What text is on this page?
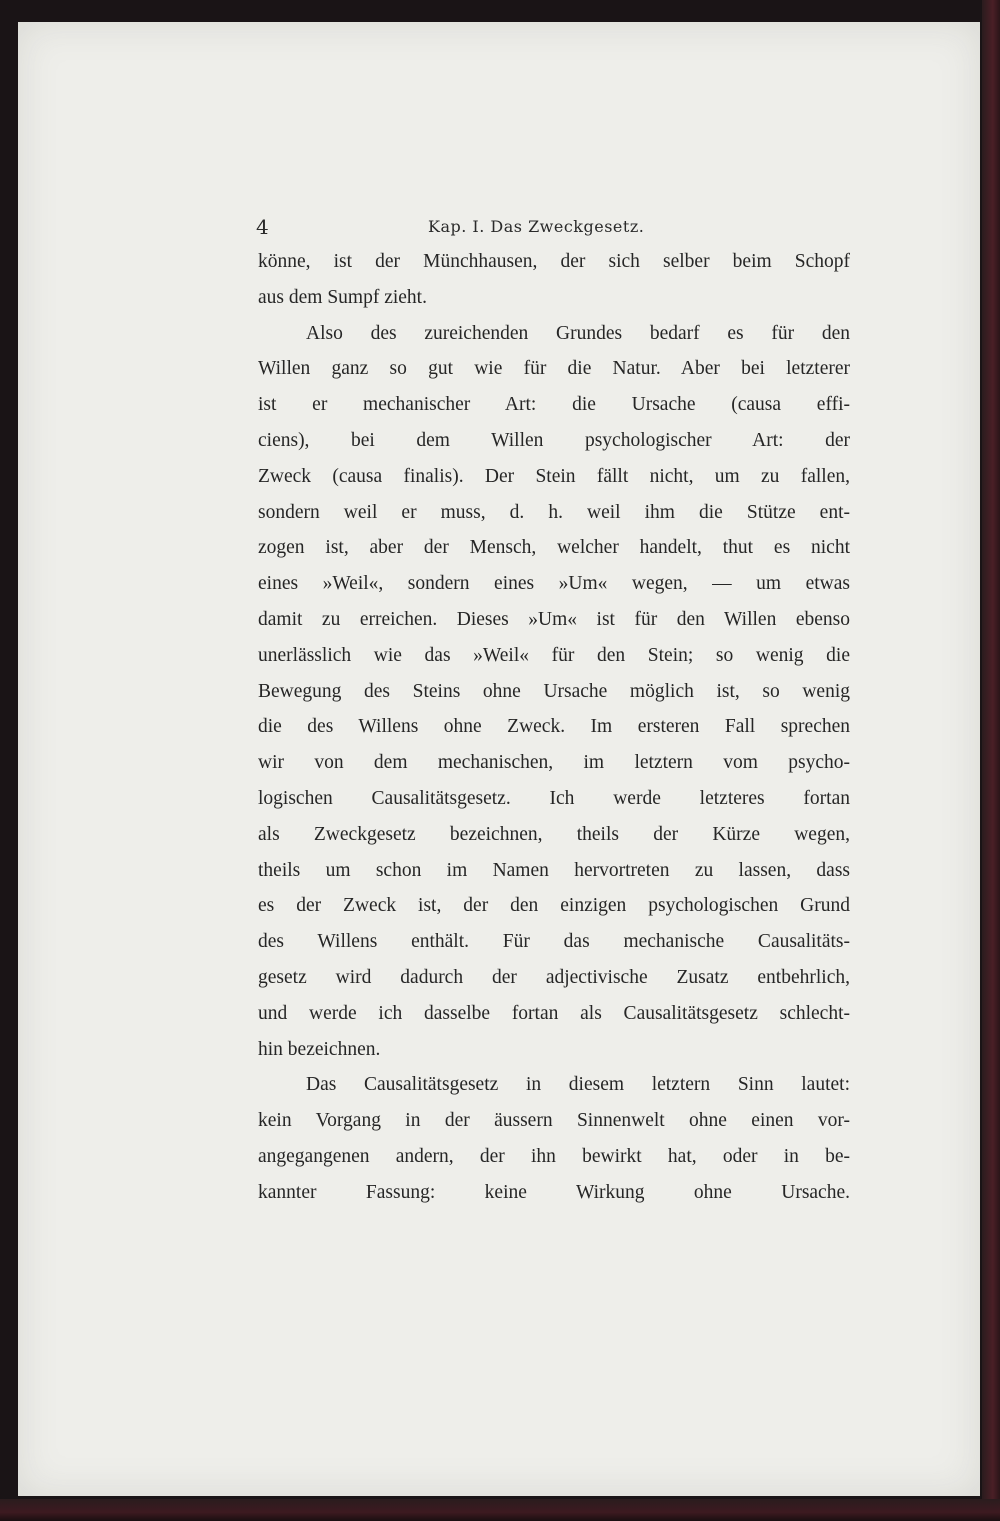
4	Kap. I. Das Zweckgesetz.
könne, ist der Münchhausen, der sich selber beim Schopf
aus dem Sumpf zieht.
Also des zureichenden Grundes bedarf es für den
Willen ganz so gut wie für die Natur. Aber bei letzterer
ist er mechanischer Art: die Ursache (causa effi-
ciens), bei dem Willen psychologischer Art: der
Zweck (causa finalis). Der Stein fällt nicht, um zu fallen,
sondern weil er muss, d. h. weil ihm die Stütze ent-
zogen ist, aber der Mensch, welcher handelt, thut es nicht
eines »Weil«, sondern eines »Um« wegen, — um etwas
damit zu erreichen. Dieses »Um« ist für den Willen ebenso
unerlässlich wie das »Weil« für den Stein; so wenig die
Bewegung des Steins ohne Ursache möglich ist, so wenig
die des Willens ohne Zweck. Im ersteren Fall sprechen
wir von dem mechanischen, im letztern vom psycho-
logischen Causalitätsgesetz. Ich werde letzteres fortan
als Zweckgesetz bezeichnen, theils der Kürze wegen,
theils um schon im Namen hervortreten zu lassen, dass
es der Zweck ist, der den einzigen psychologischen Grund
des Willens enthält. Für das mechanische Causalitäts-
gesetz wird dadurch der adjectivische Zusatz entbehrlich,
und werde ich dasselbe fortan als Causalitätsgesetz schlecht-
hin bezeichnen.
Das Causalitätsgesetz in diesem letztern Sinn lautet:
kein Vorgang in der äussern Sinnenwelt ohne einen vor-
angegangenen andern, der ihn bewirkt hat, oder in be-
kannter Fassung: keine Wirkung ohne Ursache.
